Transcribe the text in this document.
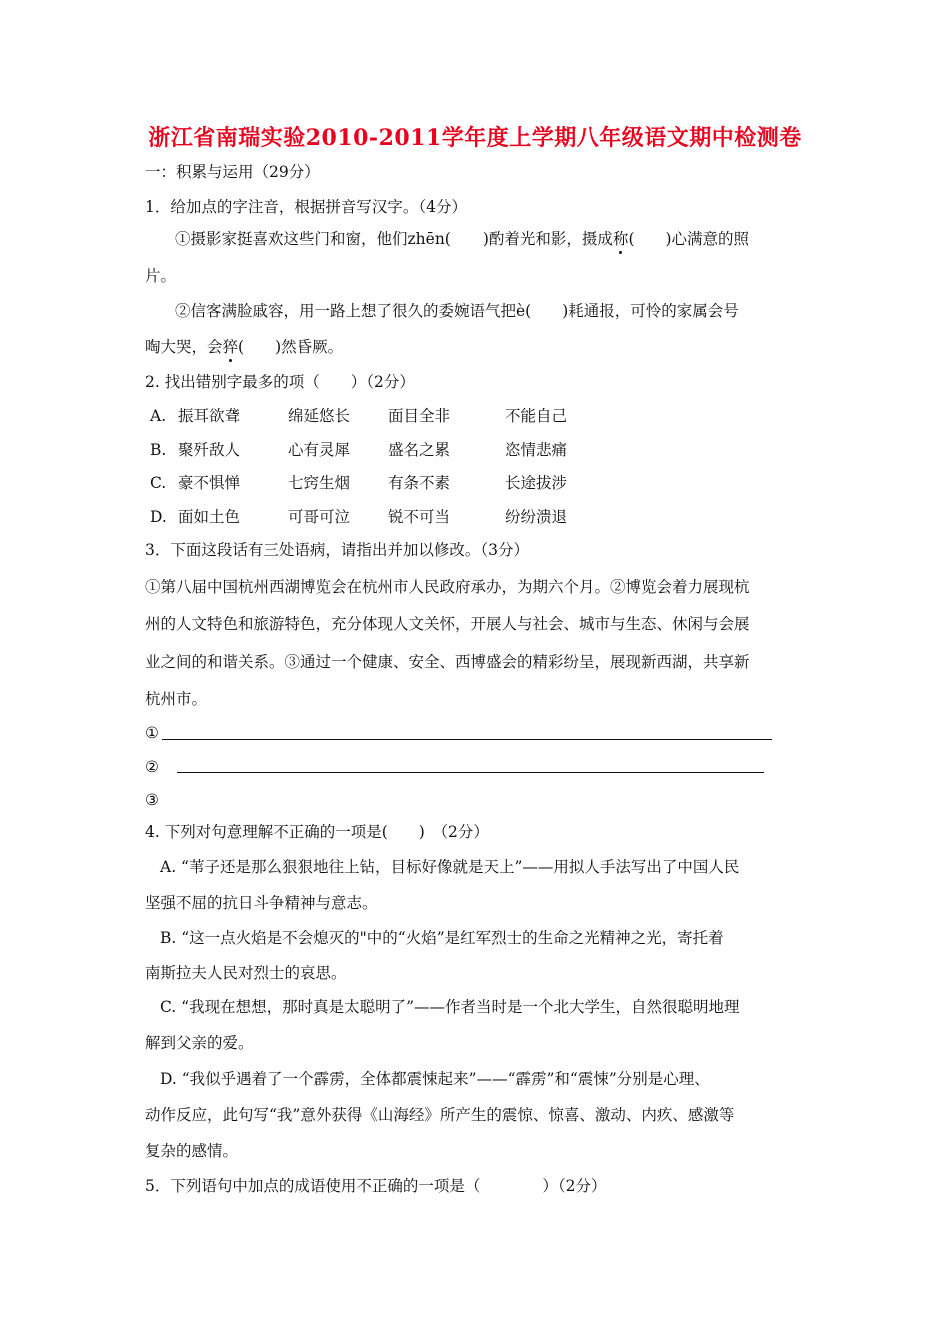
浙江省南瑞实验2010-2011学年度上学期八年级语文期中检测卷
一：积累与运用（29分）
1．给加点的字注音，根据拼音写汉字。（4分）
①摄影家挺喜欢这些门和窗，他们zhēn( )酌着光和影，摄成称(　　)心满意的照
片。
②信客满脸戚容，用一路上想了很久的委婉语气把è(　　)耗通报，可怜的家属会号
啕大哭，会猝(　　)然昏厥。
2. 找出错别字最多的项（　　）（2分）
A. 振耳欲聋	绵延悠长 面目全非	不能自己
B. 聚歼敌人	心有灵犀 盛名之累	恣情悲痛
C. 豪不惧惮	七窍生烟 有条不素	长途拔涉
D. 面如土色	可哥可泣 锐不可当	纷纷溃退
3．下面这段话有三处语病，请指出并加以修改。（3分）
①第八届中国杭州西湖博览会在杭州市人民政府承办，为期六个月。②博览会着力展现杭
州的人文特色和旅游特色，充分体现人文关怀，开展人与社会、城市与生态、休闲与会展
业之间的和谐关系。③通过一个健康、安全、西博盛会的精彩纷呈，展现新西湖，共享新
杭州市。
①
②
③
4. 下列对句意理解不正确的一项是(　　)　（2分）
A. “苇子还是那么狠狠地往上钻，目标好像就是天上”——用拟人手法写出了中国人民
坚强不屈的抗日斗争精神与意志。
B. “这一点火焰是不会熄灭的"中的“火焰”是红军烈士的生命之光精神之光，寄托着
南斯拉夫人民对烈士的哀思。
C. “我现在想想，那时真是太聪明了”——作者当时是一个北大学生，自然很聪明地理
解到父亲的爱。
D. “我似乎遇着了一个霹雳，全体都震悚起来”——“霹雳”和“震悚”分别是心理、
动作反应，此句写“我”意外获得《山海经》所产生的震惊、惊喜、激动、内疚、感激等
复杂的感情。
5．下列语句中加点的成语使用不正确的一项是（　　　　）（2分）
